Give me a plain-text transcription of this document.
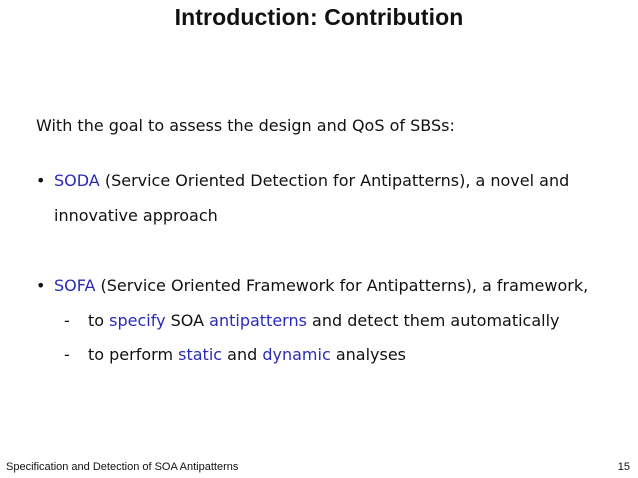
Introduction: Contribution
With the goal to assess the design and QoS of SBSs:
• SODA (Service Oriented Detection for Antipatterns), a novel and
innovative approach
• SOFA (Service Oriented Framework for Antipatterns), a framework,
- to specify SOA antipatterns and detect them automatically
- to perform static and dynamic analyses
Specification and Detection of SOA Antipatterns	15
